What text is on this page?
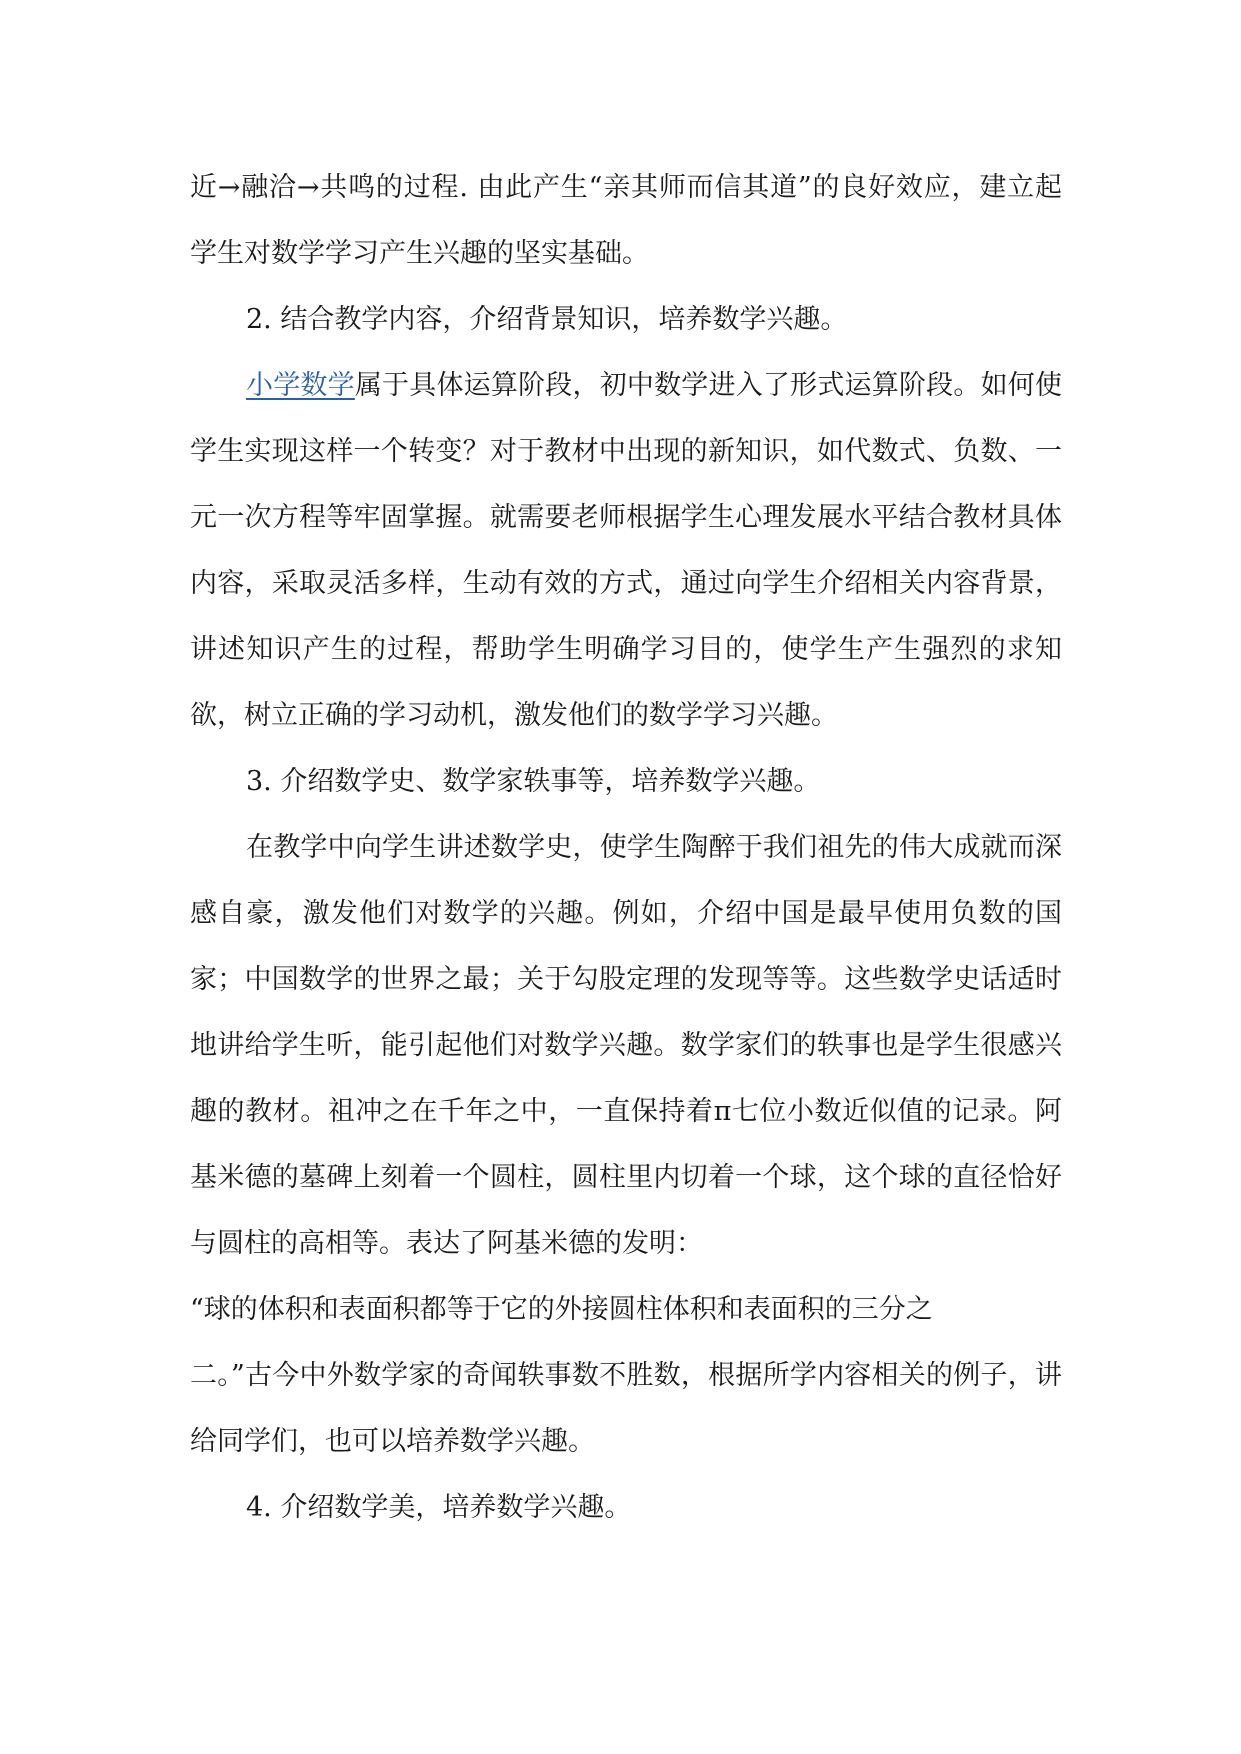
近→融洽→共鸣的过程. 由此产生“亲其师而信其道”的良好效应，建立起学生对数学学习产生兴趣的坚实基础。

2. 结合教学内容，介绍背景知识，培养数学兴趣。

小学数学属于具体运算阶段，初中数学进入了形式运算阶段。如何使学生实现这样一个转变？对于教材中出现的新知识，如代数式、负数、一元一次方程等牢固掌握。就需要老师根据学生心理发展水平结合教材具体内容，采取灵活多样，生动有效的方式，通过向学生介绍相关内容背景，讲述知识产生的过程，帮助学生明确学习目的，使学生产生强烈的求知欲，树立正确的学习动机，激发他们的数学学习兴趣。

3. 介绍数学史、数学家轶事等，培养数学兴趣。

在教学中向学生讲述数学史，使学生陶醉于我们祖先的伟大成就而深感自豪，激发他们对数学的兴趣。例如，介绍中国是最早使用负数的国家；中国数学的世界之最；关于勾股定理的发现等等。这些数学史话适时地讲给学生听，能引起他们对数学兴趣。数学家们的轶事也是学生很感兴趣的教材。祖冲之在千年之中，一直保持着π七位小数近似值的记录。阿基米德的墓碑上刻着一个圆柱，圆柱里内切着一个球，这个球的直径恰好与圆柱的高相等。表达了阿基米德的发明：

“球的体积和表面积都等于它的外接圆柱体积和表面积的三分之

二。”古今中外数学家的奇闻轶事数不胜数，根据所学内容相关的例子，讲给同学们，也可以培养数学兴趣。

4. 介绍数学美，培养数学兴趣。
